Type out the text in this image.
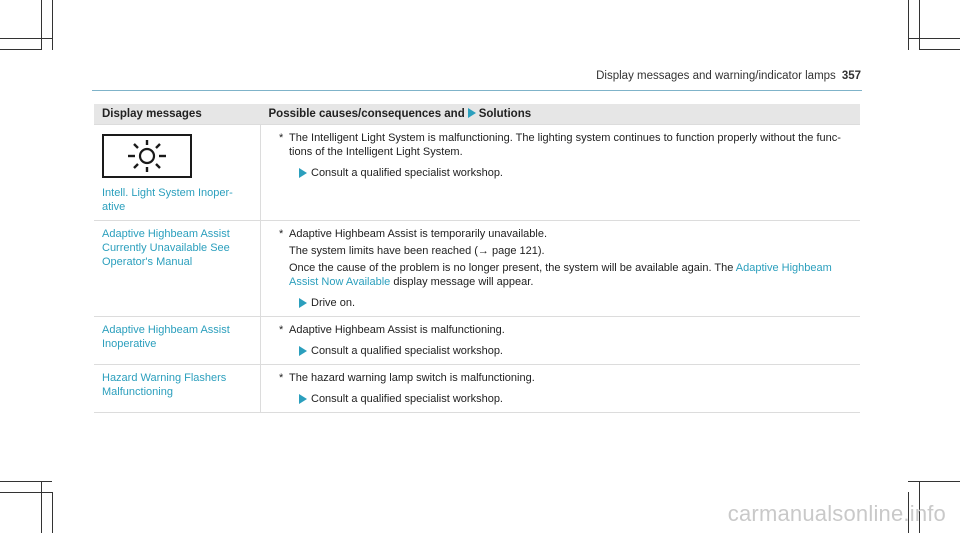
Display messages and warning/indicator lamps 357
Display messages	Possible causes/consequences and Solutions

Intell. Light System Inoper-ative	* The Intelligent Light System is malfunctioning. The lighting system continues to function properly without the func-tions of the Intelligent Light System.
Consult a qualified specialist workshop.

Adaptive Highbeam Assist Currently Unavailable See Operator's Manual	* Adaptive Highbeam Assist is temporarily unavailable.
The system limits have been reached (→ page 121).
Once the cause of the problem is no longer present, the system will be available again. The Adaptive Highbeam Assist Now Available display message will appear.
Drive on.

Adaptive Highbeam Assist Inoperative	* Adaptive Highbeam Assist is malfunctioning.
Consult a qualified specialist workshop.

Hazard Warning Flashers Malfunctioning	* The hazard warning lamp switch is malfunctioning.
Consult a qualified specialist workshop.
carmanualsonline.info
